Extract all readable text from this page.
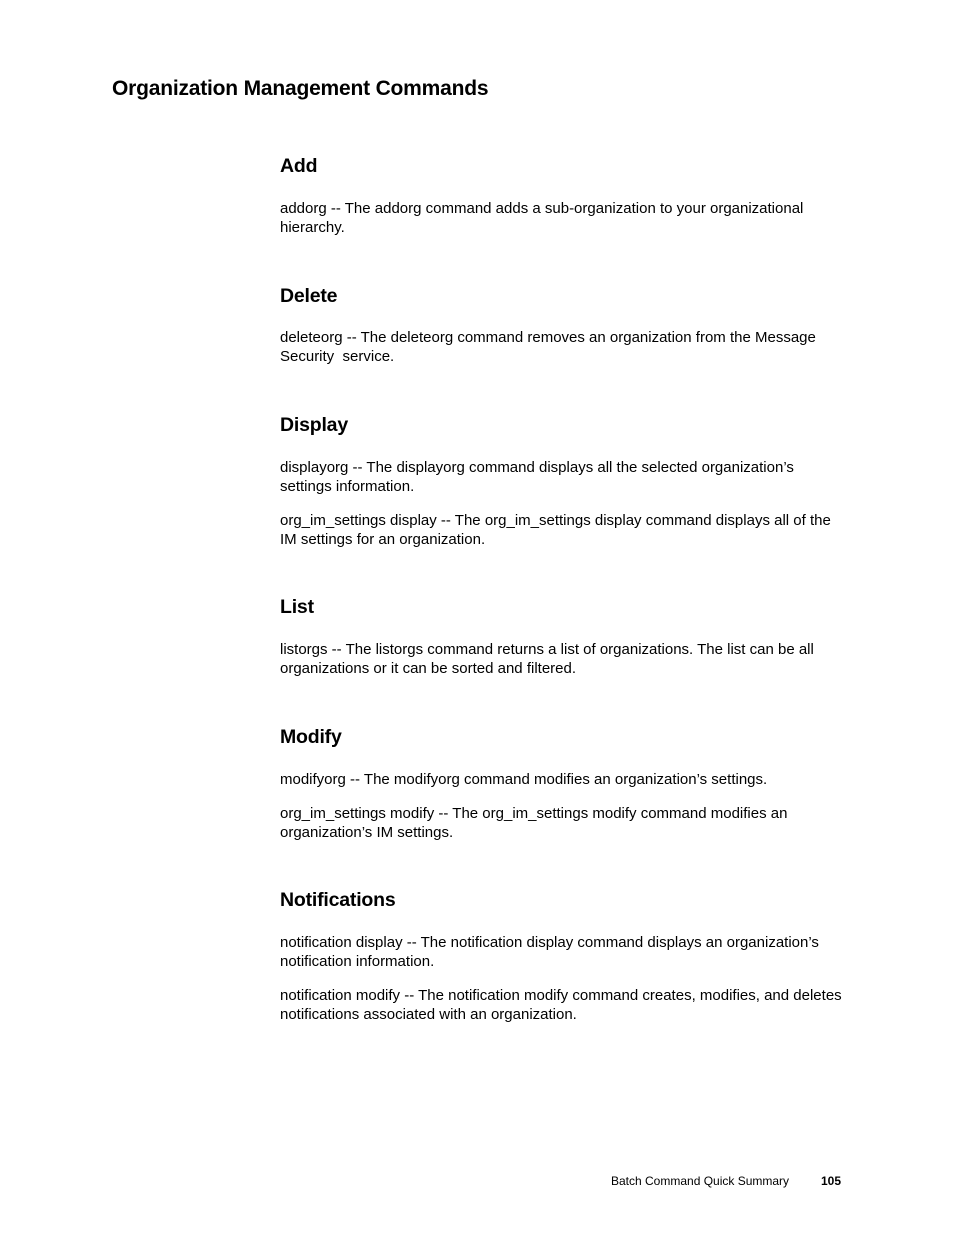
Organization Management Commands
Add

addorg -- The addorg command adds a sub-organization to your organizational hierarchy.

Delete

deleteorg -- The deleteorg command removes an organization from the Message Security  service.

Display

displayorg -- The displayorg command displays all the selected organization’s settings information.

org_im_settings display -- The org_im_settings display command displays all of the IM settings for an organization.

List

listorgs -- The listorgs command returns a list of organizations. The list can be all organizations or it can be sorted and filtered.

Modify

modifyorg -- The modifyorg command modifies an organization’s settings.

org_im_settings modify -- The org_im_settings modify command modifies an organization’s IM settings.

Notifications

notification display -- The notification display command displays an organization’s notification information.

notification modify -- The notification modify command creates, modifies, and deletes notifications associated with an organization.

Batch Command Quick Summary	105
